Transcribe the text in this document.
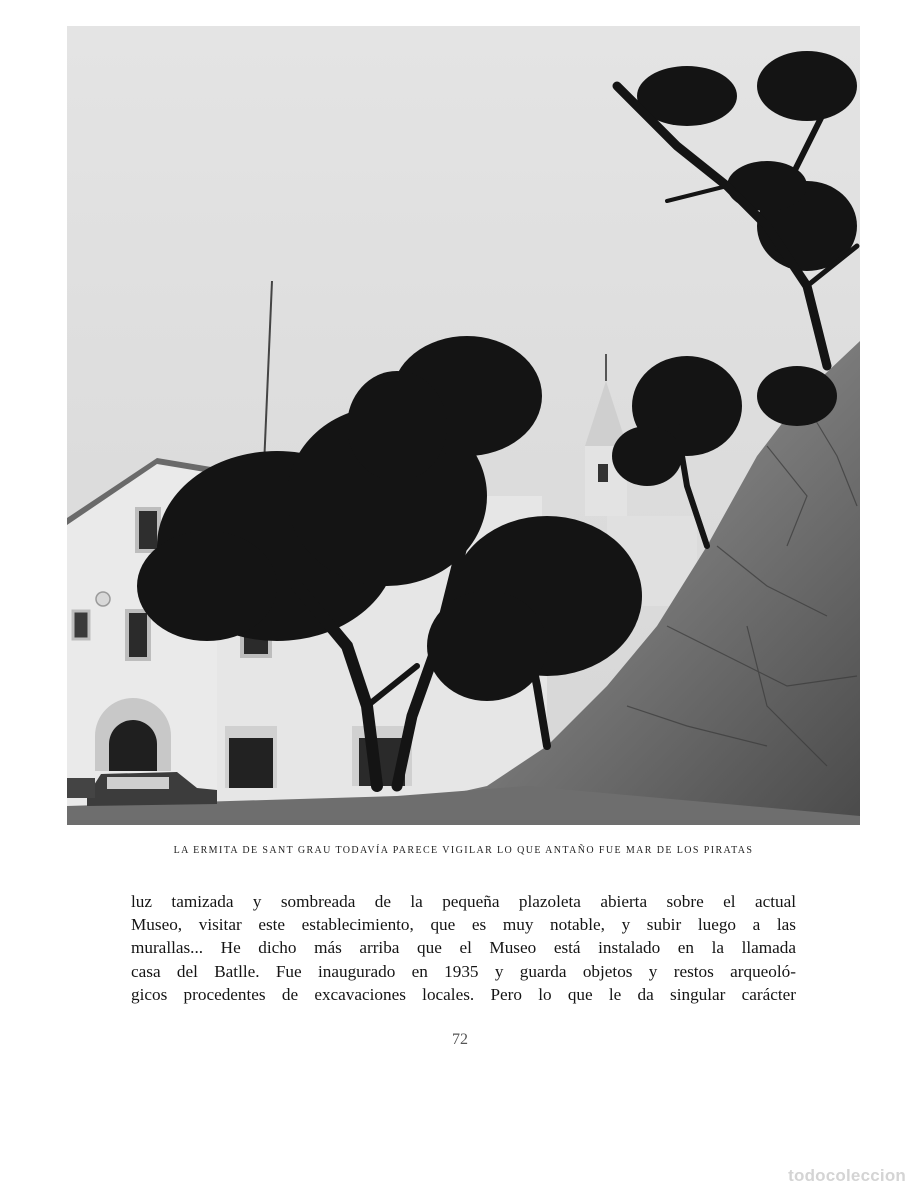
LA ERMITA DE SANT GRAU TODAVÍA PARECE VIGILAR LO QUE ANTAÑO FUE MAR DE LOS PIRATAS
luz tamizada y sombreada de la pequeña plazoleta abierta sobre el actual
Museo, visitar este establecimiento, que es muy notable, y subir luego a las
murallas... He dicho más arriba que el Museo está instalado en la llamada
casa del Batlle. Fue inaugurado en 1935 y guarda objetos y restos arqueoló-
gicos procedentes de excavaciones locales. Pero lo que le da singular carácter
72
todocoleccion
